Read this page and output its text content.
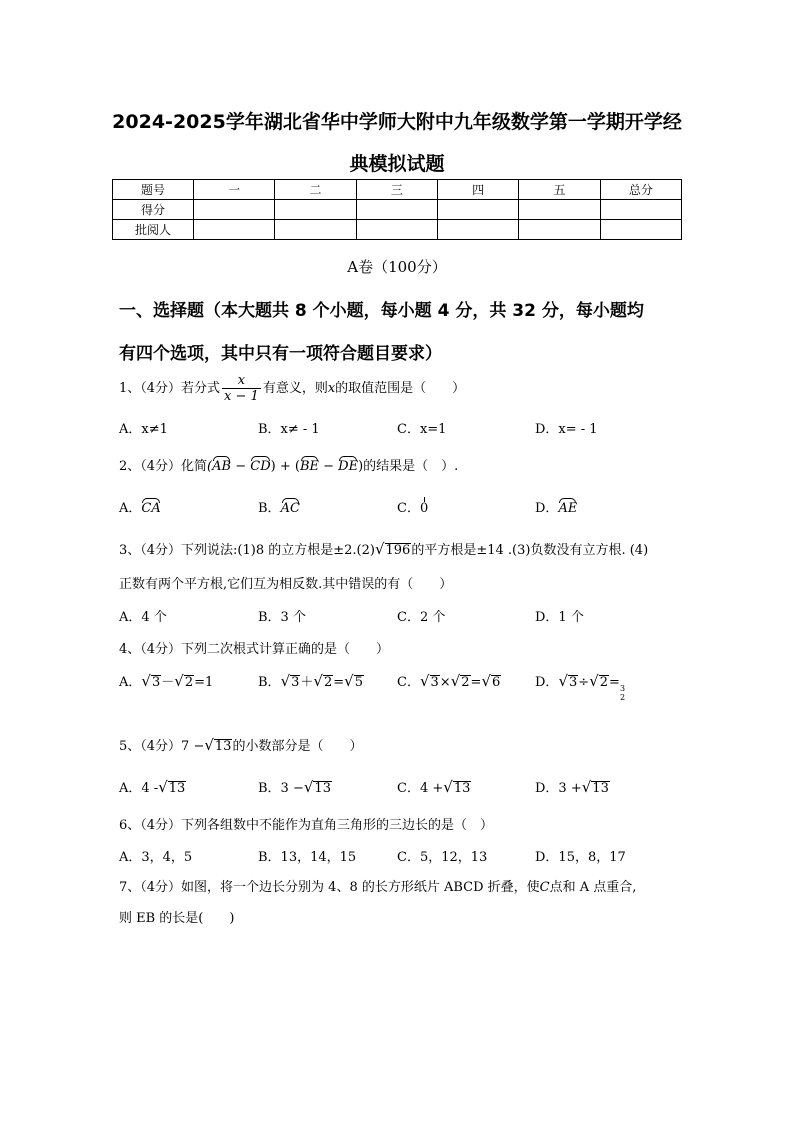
2024-2025学年湖北省华中学师大附中九年级数学第一学期开学经
典模拟试题
题号	一	二	三	四	五	总分
得分						
批阅人						
A卷（100分）
一、选择题（本大题共 8 个小题，每小题 4 分，共 32 分，每小题均
有四个选项，其中只有一项符合题目要求）
1、（4分）若分式 $\frac{x}{x - 1}$ 有意义，则x的取值范围是（　　）
A．x≠1	B．x≠ - 1	C．x=1	D．x= - 1
2、（4分）化简(AB − CD) + (BE − DE)的结果是（　）.
A．CA	B．AC	C．0	D．AE
3、（4分）下列说法:(1)8 的立方根是±2.(2)√196的平方根是±14 .(3)负数没有立方根. (4)
正数有两个平方根,它们互为相反数.其中错误的有（　　）
A．4 个	B．3 个	C．2 个	D．1 个
4、（4分）下列二次根式计算正确的是（　　）
A．√3－√2=1	B．√3＋√2=√5	C．√3×√2=√6	D．√3÷√2= 3
2
5、（4分）7 −√13的小数部分是（　　）
A．4 -√13	B．3 −√13	C．4 +√13	D．3 +√13
6、（4分）下列各组数中不能作为直角三角形的三边长的是（　）
A．3，4，5	B．13，14，15	C．5，12，13	D．15，8，17
7、（4分）如图，将一个边长分别为 4、8 的长方形纸片 ABCD 折叠，使C点和 A 点重合,
则 EB 的长是(　　)
